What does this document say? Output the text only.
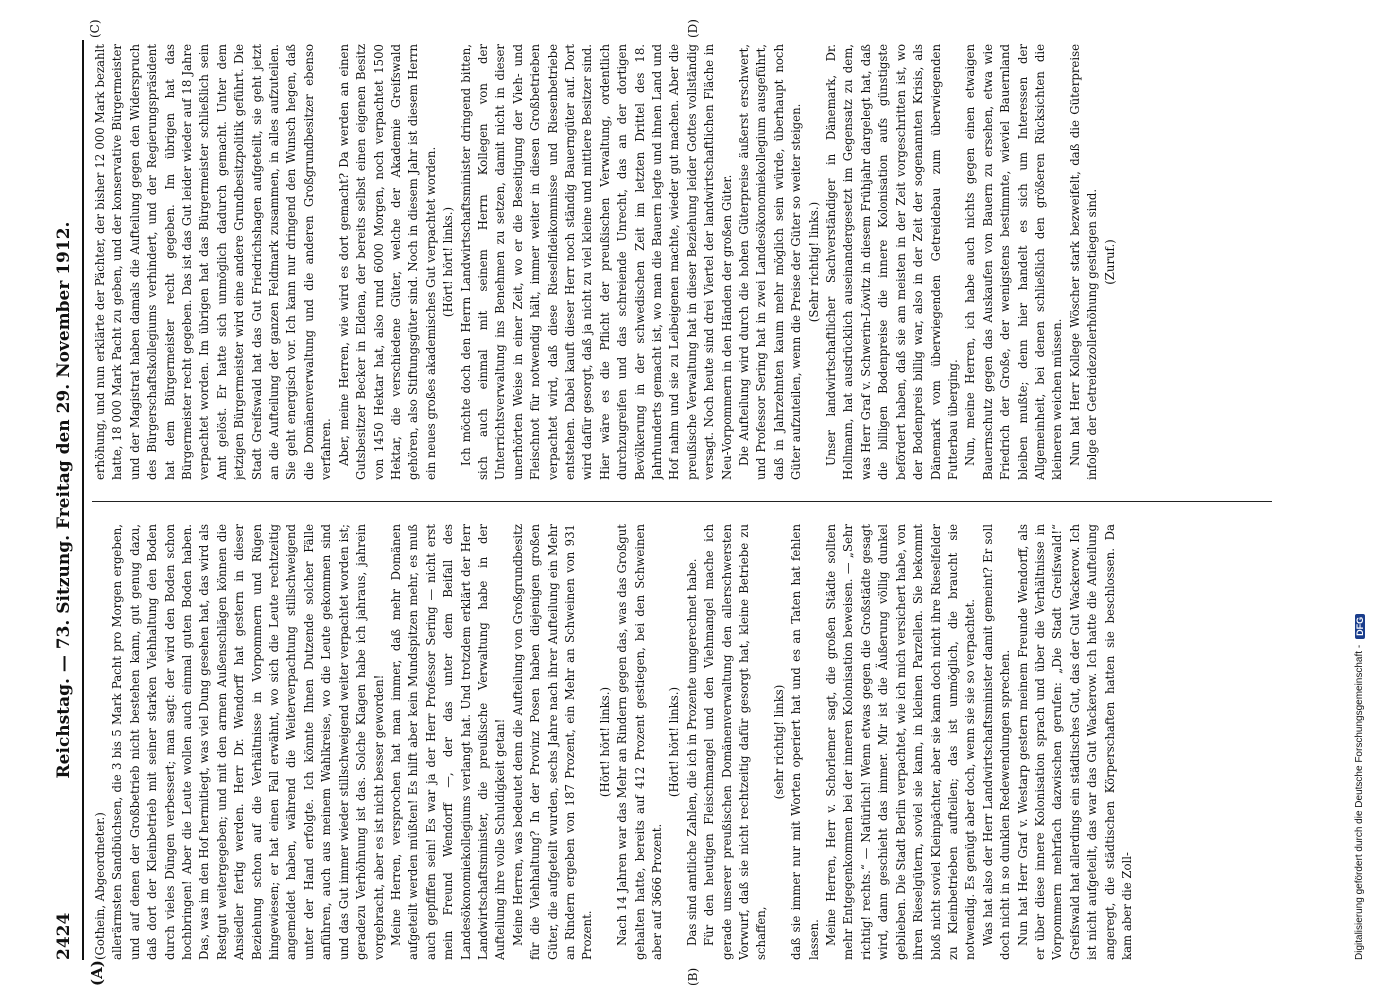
2424
Reichstag. — 73. Sitzung. Freitag den 29. November 1912.
(A)	(B)
(C)	(D)

(Gothein, Abgeordneter.) allerärmsten Sandbüchsen, die 3 bis 5 Mark Pacht pro Morgen ergeben, und auf denen der Großbetrieb nicht bestehen kann, gut genug dazu, daß dort der Kleinbetrieb mit seiner starken Viehhaltung den Boden durch vieles Düngen verbessert; man sagt: der wird den Boden schon hochbringen! Aber die Leute wollen auch einmal guten Boden haben. Das, was im den Hof hermitiegt, was viel Dung gesehen hat, das wird als Restgut weitergegeben; und mit den armen Außenschlägen können die Ansiedler fertig werden. Herr Dr. Wendorff hat gestern in dieser Beziehung schon auf die Verhältnisse in Vorpommern und Rügen hingewiesen; er hat einen Fall erwähnt, wo sich die Leute rechtzeitig angemeldet haben, während die Weiterverpachtung stillschweigend unter der Hand erfolgte. Ich könnte Ihnen Dutzende solcher Fälle anführen, auch aus meinem Wahlkreise, wo die Leute gekommen sind und das Gut immer wieder stillschweigend weiter verpachtet worden ist; geradezu Verhöhnung ist das. Solche Klagen habe ich jahraus, jahrein vorgebracht, aber es ist nicht besser geworden! Meine Herren, versprochen hat man immer, daß mehr Domänen aufgeteilt werden müßten! Es hilft aber kein Mundspitzen mehr, es muß auch gepfiffen sein! Es war ja der Herr Professor Sering — nicht erst mein Freund Wendorff —, der das unter dem Beifall des Landesökonomiekollegiums verlangt hat. Und trotzdem erklärt der Herr Landwirtschaftsminister, die preußische Verwaltung habe in der Aufteilung ihre volle Schuldigkeit getan! Meine Herren, was bedeutet denn die Aufteilung von Großgrundbesitz für die Viehhaltung? In der Provinz Posen haben diejenigen großen Güter, die aufgeteilt wurden, sechs Jahre nach ihrer Aufteilung ein Mehr an Rindern ergeben von 187 Prozent, ein Mehr an Schweinen von 931 Prozent.

(Hört! hört! links.) Nach 14 Jahren war das Mehr an Rindern gegen das, was das Großgut gehalten hatte, bereits auf 412 Prozent gestiegen, bei den Schweinen aber auf 3666 Prozent.

(Hört! hört! links.) Das sind amtliche Zahlen, die ich in Prozente umgerechnet habe. Für den heutigen Fleischmangel und den Viehmangel mache ich gerade unserer preußischen Domänenverwaltung den allerschwersten Vorwurf, daß sie nicht rechtzeitig dafür gesorgt hat, kleine Betriebe zu schaffen,

(sehr richtig! links) daß sie immer nur mit Worten operiert hat und es an Taten hat fehlen lassen. Meine Herren, Herr v. Schorlemer sagt, die großen Städte sollten mehr Entgegenkommen bei der inneren Kolonisation beweisen. — „Sehr richtig! rechts.“ — Natürlich! Wenn etwas gegen die Großstädte gesagt wird, dann geschieht das immer. Mir ist die Äußerung völlig dunkel geblieben. Die Stadt Berlin verpachtet, wie ich mich versichert habe, von ihren Rieselgütern, soviel sie kann, in kleinen Parzellen. Sie bekommt bloß nicht soviel Kleinpächter, aber sie kann doch nicht ihre Rieselfelder zu Kleinbetrieben aufteilen; das ist unmöglich, die braucht sie notwendig. Es genügt aber doch, wenn sie sie so verpachtet. Was hat also der Herr Landwirtschaftsminister damit gemeint? Er soll doch nicht in so dunklen Redewendungen sprechen. Nun hat Herr Graf v. Westarp gestern meinem Freunde Wendorff, als er über diese innere Kolonisation sprach und über die Verhältnisse in Vorpommern mehrfach dazwischen gerufen: „Die Stadt Greifswald!“ Greifswald hat allerdings ein städtisches Gut, das der Gut Wackerow. Ich ist nicht aufgeteilt, das war das Gut Wackerow. Ich hatte die Aufteilung angeregt, die städtischen Körperschaften hatten sie beschlossen. Da kam aber die Zoll-

erhöhung, und nun erklärte der Pächter, der bisher 12 000 Mark bezahlt hatte, 18 000 Mark Pacht zu geben, und der konservative Bürgermeister und der Magistrat haben damals die Aufteilung gegen den Widerspruch des Bürgerschaftskollegiums verhindert, und der Regierungspräsident hat dem Bürgermeister recht gegeben. Im übrigen hat das Bürgermeister recht gegeben. Das ist das Gut leider wieder auf 18 Jahre verpachtet worden. Im übrigen hat das Bürgermeister schließlich sein Amt gelöst. Er hatte sich unmöglich dadurch gemacht. Unter dem jetzigen Bürgermeister wird eine andere Grundbesitzpolitik geführt. Die Stadt Greifswald hat das Gut Friedrichshagen aufgeteilt, sie geht jetzt an die Aufteilung der ganzen Feldmark zusammen, in alles aufzuteilen. Sie geht energisch vor. Ich kann nur dringend den Wunsch hegen, daß die Domänenverwaltung und die anderen Großgrundbesitzer ebenso verfahren. Aber, meine Herren, wie wird es dort gemacht? Da werden an einen Gutsbesitzer Becker in Eldena, der bereits selbst einen eigenen Besitz von 1450 Hektar hat, also rund 6000 Morgen, noch verpachtet 1500 Hektar, die verschiedene Güter, welche der Akademie Greifswald gehören, also Stiftungsgüter sind. Noch in diesem Jahr ist diesem Herrn ein neues großes akademisches Gut verpachtet worden. (Hört! hört! links.) Ich möchte doch den Herrn Landwirtschaftsminister dringend bitten, sich auch einmal mit seinem Herrn Kollegen von der Unterrichtsverwaltung ins Benehmen zu setzen, damit nicht in dieser unerhörten Weise in einer Zeit, wo er die Beseitigung der Vieh- und Fleischnot für notwendig hält, immer weiter in diesen Großbetrieben verpachtet wird, daß diese Rieselfideikommisse und Riesenbetriebe entstehen. Dabei kauft dieser Herr noch ständig Bauerngüter auf. Dort wird dafür gesorgt, daß ja nicht zu viel kleine und mittlere Besitzer sind. Hier wäre es die Pflicht der preußischen Verwaltung, ordentlich durchzugreifen und das schreiende Unrecht, das an der dortigen Bevölkerung in der schwedischen Zeit im letzten Drittel des 18. Jahrhunderts gemacht ist, wo man die Bauern legte und ihnen Land und Hof nahm und sie zu Leibeigenen machte, wieder gut machen. Aber die preußische Verwaltung hat in dieser Beziehung leider Gottes vollständig versagt. Noch heute sind drei Viertel der landwirtschaftlichen Fläche in Neu-Vorpommern in den Händen der großen Güter. Die Aufteilung wird durch die hohen Güterpreise äußerst erschwert, und Professor Sering hat in zwei Landesökonomiekollegium ausgeführt, daß in Jahrzehnten kaum mehr möglich sein würde, überhaupt noch Güter aufzuteilen, wenn die Preise der Güter so weiter steigen. (Sehr richtig! links.) Unser landwirtschaftlicher Sachverständiger in Dänemark, Dr. Hollmann, hat ausdrücklich auseinandergesetzt im Gegensatz zu dem, was Herr Graf v. Schwerin-Löwitz in diesem Frühjahr dargelegt hat, daß die billigen Bodenpreise die innere Kolonisation aufs günstigste befördert haben, daß sie am meisten in der Zeit vorgeschritten ist, wo der Bodenpreis billig war, also in der Zeit der sogenannten Krisis, als Dänemark vom überwiegenden Getreidebau zum überwiegenden Futterbau überging. Nun, meine Herren, ich habe auch nichts gegen einen etwaigen Bauernschutz gegen das Auskaufen von Bauern zu ersehen, etwa wie Friedrich der Große, der wenigstens bestimmte, wieviel Bauernland bleiben mußte; denn hier handelt es sich um Interessen der Allgemeinheit, bei denen schließlich den größeren Rücksichten die kleineren weichen müssen. Nun hat Herr Kollege Wöscher stark bezweifelt, daß die Güterpreise infolge der Getreidezollerhöhung gestiegen sind. (Zuruf.)

Digitalisierung gefördert durch die Deutsche Forschungsgemeinschaft -
DFG
